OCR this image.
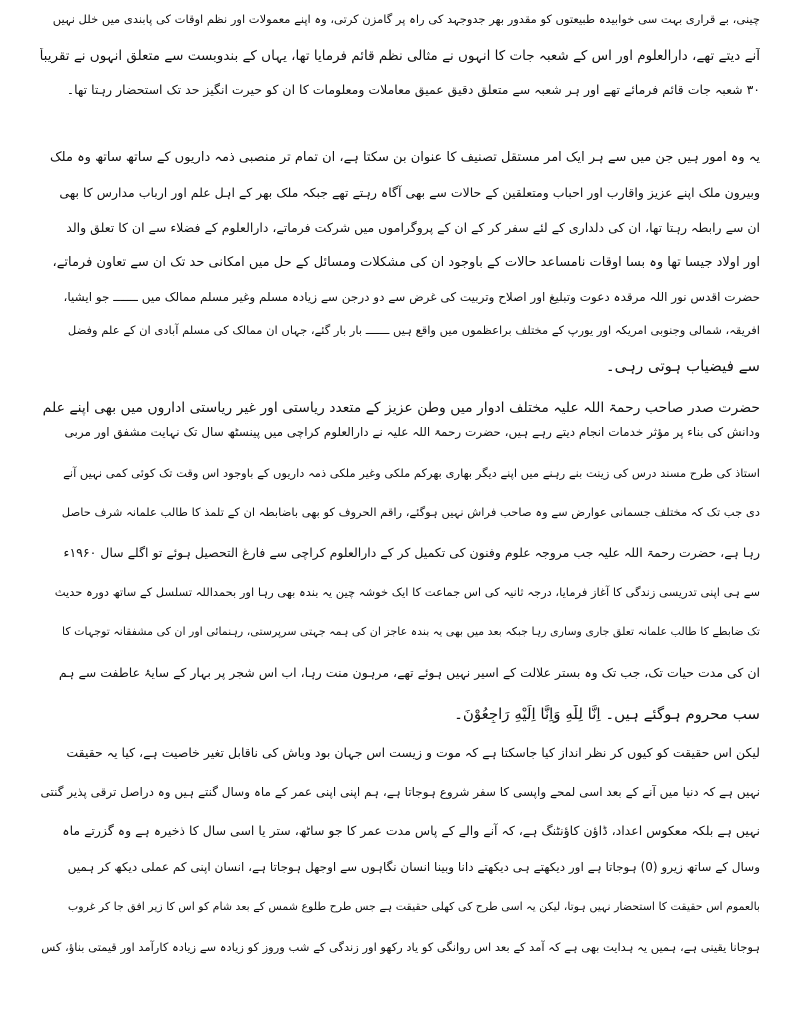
چینی، بے قراری بہت سی خوابیدہ طبیعتوں کو مقدور بھر جدوجہد کی راہ پر گامزن کرتی، وہ اپنے معمولات اور نظم اوقات کی پابندی میں خلل نہیں
آنے دیتے تھے، دارالعلوم اور اس کے شعبہ جات کا انہوں نے مثالی نظم قائم فرمایا تھا، یہاں کے بندوبست سے متعلق انہوں نے تقریباً
۳۰ شعبہ جات قائم فرمائے تھے اور ہر شعبہ سے متعلق دقیق عمیق معاملات ومعلومات کا ان کو حیرت انگیز حد تک استحضار رہتا تھا۔
یہ وہ امور ہیں جن میں سے ہر ایک امر مستقل تصنیف کا عنوان بن سکتا ہے، ان تمام تر منصبی ذمہ داریوں کے ساتھ ساتھ وہ ملک
وبیرون ملک اپنے عزیز واقارب اور احباب ومتعلقین کے حالات سے بھی آگاہ رہتے تھے جبکہ ملک بھر کے اہل علم اور ارباب مدارس کا بھی
ان سے رابطہ رہتا تھا، ان کی دلداری کے لئے سفر کر کے ان کے پروگراموں میں شرکت فرماتے، دارالعلوم کے فضلاء سے ان کا تعلق والد
اور اولاد جیسا تھا وہ بسا اوقات نامساعد حالات کے باوجود ان کی مشکلات ومسائل کے حل میں امکانی حد تک ان سے تعاون فرماتے،
حضرت اقدس نور اللہ مرقدہ دعوت وتبلیغ اور اصلاح وتربیت کی غرض سے دو درجن سے زیادہ مسلم وغیر مسلم ممالک میں ـــــــ جو ایشیا،
افریقہ، شمالی وجنوبی امریکہ اور یورپ کے مختلف براعظموں میں واقع ہیں ـــــــ بار بار گئے، جہاں ان ممالک کی مسلم آبادی ان کے علم وفضل
سے فیضیاب ہوتی رہی۔
حضرت صدر صاحب رحمۃ اللہ علیہ مختلف ادوار میں وطن عزیز کے متعدد ریاستی اور غیر ریاستی اداروں میں بھی اپنے علم
ودانش کی بناء پر مؤثر خدمات انجام دیتے رہے ہیں، حضرت رحمۃ اللہ علیہ نے دارالعلوم کراچی میں پینسٹھ سال تک نہایت مشفق اور مربی
استاذ کی طرح مسند درس کی زینت بنے رہنے میں اپنے دیگر بھاری بھرکم ملکی وغیر ملکی ذمہ داریوں کے باوجود اس وقت تک کوئی کمی نہیں آنے
دی جب تک کہ مختلف جسمانی عوارض سے وہ صاحب فراش نہیں ہوگئے، راقم الحروف کو بھی باضابطہ ان کے تلمذ کا طالب علمانہ شرف حاصل
رہا ہے، حضرت رحمۃ اللہ علیہ جب مروجہ علوم وفنون کی تکمیل کر کے دارالعلوم کراچی سے فارغ التحصیل ہوئے تو اگلے سال ۱۹۶۰ء
سے ہی اپنی تدریسی زندگی کا آغاز فرمایا، درجہ ثانیہ کی اس جماعت کا ایک خوشہ چین یہ بندہ بھی رہا اور بحمداللہ تسلسل کے ساتھ دورہ حدیث
تک ضابطے کا طالب علمانہ تعلق جاری وساری رہا جبکہ بعد میں بھی یہ بندہ عاجز ان کی ہمہ جہتی سرپرستی، رہنمائی اور ان کی مشفقانہ توجہات کا
ان کی مدت حیات تک، جب تک وہ بستر علالت کے اسیر نہیں ہوئے تھے، مرہون منت رہا، اب اس شجر پر بہار کے سایۂ عاطفت سے ہم
سب محروم ہوگئے ہیں۔ اِنَّا لِلّٰهِ وَاِنَّا اِلَيْهِ رَاجِعُوْنَ۔
لیکن اس حقیقت کو کیوں کر نظر انداز کیا جاسکتا ہے کہ موت و زیست اس جہان بود وباش کی ناقابل تغیر خاصیت ہے، کیا یہ حقیقت
نہیں ہے کہ دنیا میں آنے کے بعد اسی لمحے واپسی کا سفر شروع ہوجاتا ہے، ہم اپنی اپنی عمر کے ماہ وسال گنتے ہیں وہ دراصل ترقی پذیر گنتی
نہیں ہے بلکہ معکوس اعداد، ڈاؤن کاؤنٹنگ ہے، کہ آنے والے کے پاس مدت عمر کا جو ساٹھ، ستر یا اسی سال کا ذخیرہ ہے وہ گزرتے ماہ
وسال کے ساتھ زیرو (0) ہوجاتا ہے اور دیکھتے ہی دیکھتے دانا وبینا انسان نگاہوں سے اوجھل ہوجاتا ہے، انسان اپنی کم عملی دیکھ کر ہمیں
بالعموم اس حقیقت کا استحضار نہیں ہوتا، لیکن یہ اسی طرح کی کھلی حقیقت ہے جس طرح طلوع شمس کے بعد شام کو اس کا زیر افق جا کر غروب
ہوجانا یقینی ہے، ہمیں یہ ہدایت بھی ہے کہ آمد کے بعد اس روانگی کو یاد رکھو اور زندگی کے شب وروز کو زیادہ سے زیادہ کارآمد اور قیمتی بناؤ، کس
